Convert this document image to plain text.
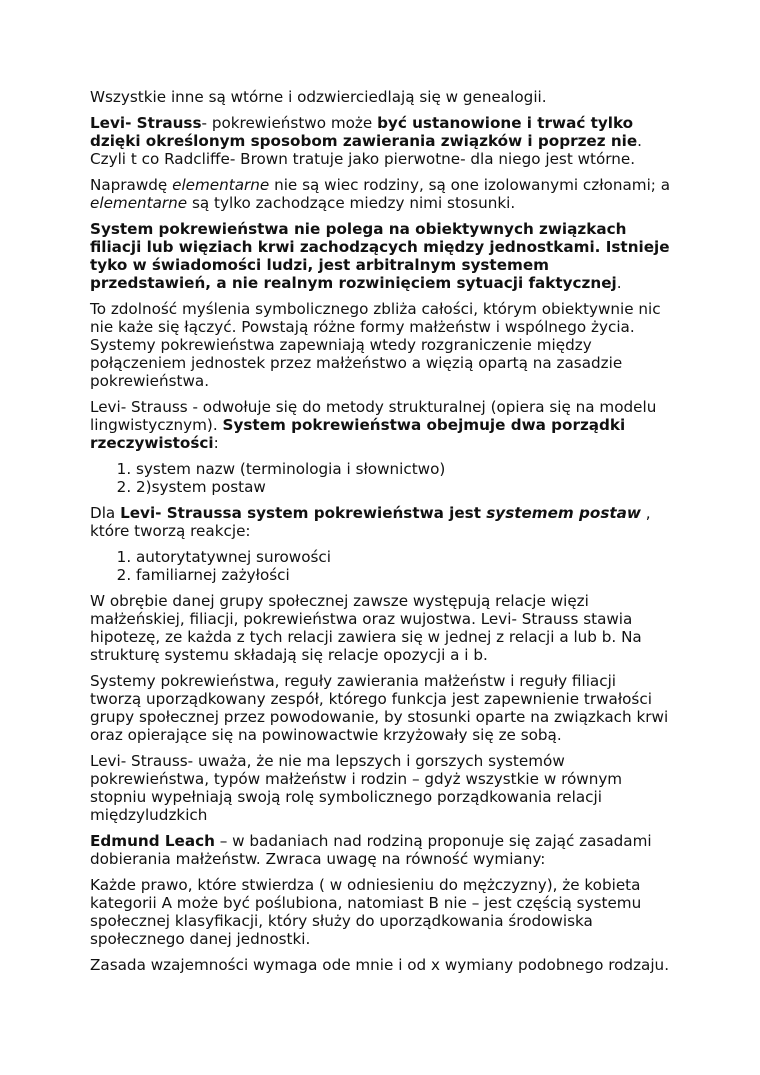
Wszystkie inne są wtórne i odzwierciedlają się w genealogii.

Levi- Strauss- pokrewieństwo może być ustanowione i trwać tylko dzięki określonym sposobom zawierania związków i poprzez nie. Czyli t co Radcliffe- Brown tratuje jako pierwotne- dla niego jest wtórne.

Naprawdę elementarne nie są wiec rodziny, są one izolowanymi członami; a elementarne są tylko zachodzące miedzy nimi stosunki.

System pokrewieństwa nie polega na obiektywnych związkach filiacji lub więziach krwi zachodzących między jednostkami. Istnieje tyko w świadomości ludzi, jest arbitralnym systemem przedstawień, a nie realnym rozwinięciem sytuacji faktycznej.

To zdolność myślenia symbolicznego zbliża całości, którym obiektywnie nic nie każe się łączyć. Powstają różne formy małżeństw i wspólnego życia. Systemy pokrewieństwa zapewniają wtedy rozgraniczenie między połączeniem jednostek przez małżeństwo a więzią opartą na zasadzie pokrewieństwa.

Levi- Strauss - odwołuje się do metody strukturalnej (opiera się na modelu lingwistycznym). System pokrewieństwa obejmuje dwa porządki rzeczywistości:

1. system nazw (terminologia i słownictwo)
2. 2)system postaw

Dla Levi- Straussa system pokrewieństwa jest systemem postaw , które tworzą reakcje:

1. autorytatywnej surowości
2. familiarnej zażyłości

W obrębie danej grupy społecznej zawsze występują relacje więzi małżeńskiej, filiacji, pokrewieństwa oraz wujostwa. Levi- Strauss stawia hipotezę, ze każda z tych relacji zawiera się w jednej z relacji a lub b. Na strukturę systemu składają się relacje opozycji a i b.

Systemy pokrewieństwa, reguły zawierania małżeństw i reguły filiacji tworzą uporządkowany zespół, którego funkcja jest zapewnienie trwałości grupy społecznej przez powodowanie, by stosunki oparte na związkach krwi oraz opierające się na powinowactwie krzyżowały się ze sobą.

Levi- Strauss- uważa, że nie ma lepszych i gorszych systemów pokrewieństwa, typów małżeństw i rodzin – gdyż wszystkie w równym stopniu wypełniają swoją rolę symbolicznego porządkowania relacji międzyludzkich

Edmund Leach – w badaniach nad rodziną proponuje się zająć zasadami dobierania małżeństw. Zwraca uwagę na równość wymiany:

Każde prawo, które stwierdza ( w odniesieniu do mężczyzny), że kobieta kategorii A może być poślubiona, natomiast B nie – jest częścią systemu społecznej klasyfikacji, który służy do uporządkowania środowiska społecznego danej jednostki.

Zasada wzajemności wymaga ode mnie i od x wymiany podobnego rodzaju.
